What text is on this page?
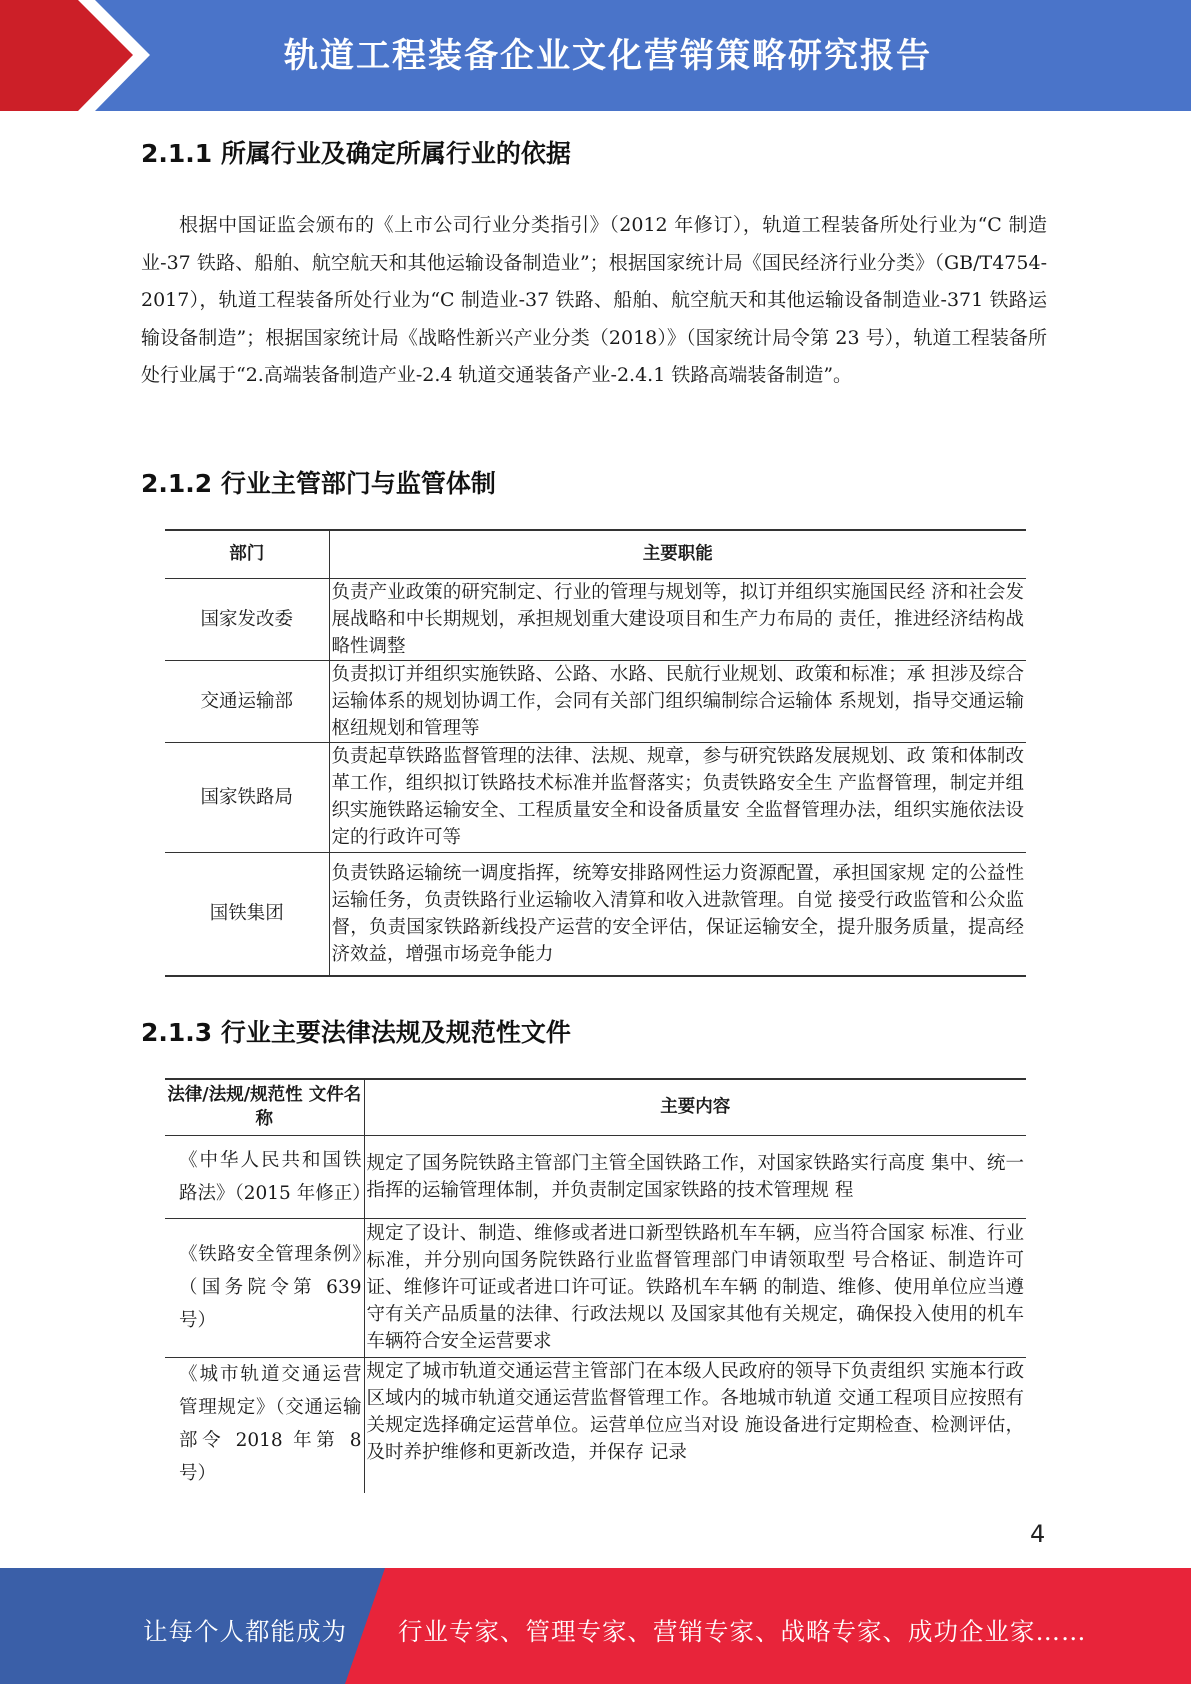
轨道工程装备企业文化营销策略研究报告
2.1.1 所属行业及确定所属行业的依据

根据中国证监会颁布的《上市公司行业分类指引》（2012 年修订），轨道工程装备所处行业为“C 制造业-37 铁路、船舶、航空航天和其他运输设备制造业”；根据国家统计局《国民经济行业分类》（GB/T4754-2017），轨道工程装备所处行业为“C 制造业-37 铁路、船舶、航空航天和其他运输设备制造业-371 铁路运输设备制造”；根据国家统计局《战略性新兴产业分类（2018）》（国家统计局令第 23 号），轨道工程装备所处行业属于“2.高端装备制造产业-2.4 轨道交通装备产业-2.4.1 铁路高端装备制造”。

2.1.2 行业主管部门与监管体制
部门	主要职能
国家发改委	负责产业政策的研究制定、行业的管理与规划等，拟订并组织实施国民经 济和社会发展战略和中长期规划，承担规划重大建设项目和生产力布局的 责任，推进经济结构战略性调整
交通运输部	负责拟订并组织实施铁路、公路、水路、民航行业规划、政策和标准；承 担涉及综合运输体系的规划协调工作，会同有关部门组织编制综合运输体 系规划，指导交通运输枢纽规划和管理等
国家铁路局	负责起草铁路监督管理的法律、法规、规章，参与研究铁路发展规划、政 策和体制改革工作，组织拟订铁路技术标准并监督落实；负责铁路安全生 产监督管理，制定并组织实施铁路运输安全、工程质量安全和设备质量安 全监督管理办法，组织实施依法设定的行政许可等
国铁集团	负责铁路运输统一调度指挥，统筹安排路网性运力资源配置，承担国家规 定的公益性运输任务，负责铁路行业运输收入清算和收入进款管理。自觉 接受行政监管和公众监督，负责国家铁路新线投产运营的安全评估，保证运输安全，提升服务质量，提高经济效益，增强市场竞争能力
2.1.3 行业主要法律法规及规范性文件
法律/法规/规范性 文件名称	主要内容
《中华人民共和国铁路法》（2015 年修正）	规定了国务院铁路主管部门主管全国铁路工作，对国家铁路实行高度 集中、统一指挥的运输管理体制，并负责制定国家铁路的技术管理规 程
《铁路安全管理条例》（国务院令第 639 号）	规定了设计、制造、维修或者进口新型铁路机车车辆，应当符合国家 标准、行业标准，并分别向国务院铁路行业监督管理部门申请领取型 号合格证、制造许可证、维修许可证或者进口许可证。铁路机车车辆 的制造、维修、使用单位应当遵守有关产品质量的法律、行政法规以 及国家其他有关规定，确保投入使用的机车车辆符合安全运营要求
《城市轨道交通运营管理规定》（交通运输部令 2018 年第 8 号）	规定了城市轨道交通运营主管部门在本级人民政府的领导下负责组织 实施本行政区域内的城市轨道交通运营监督管理工作。各地城市轨道 交通工程项目应按照有关规定选择确定运营单位。运营单位应当对设 施设备进行定期检查、检测评估，及时养护维修和更新改造，并保存 记录
4
让每个人都能成为 行业专家、管理专家、营销专家、战略专家、成功企业家……
